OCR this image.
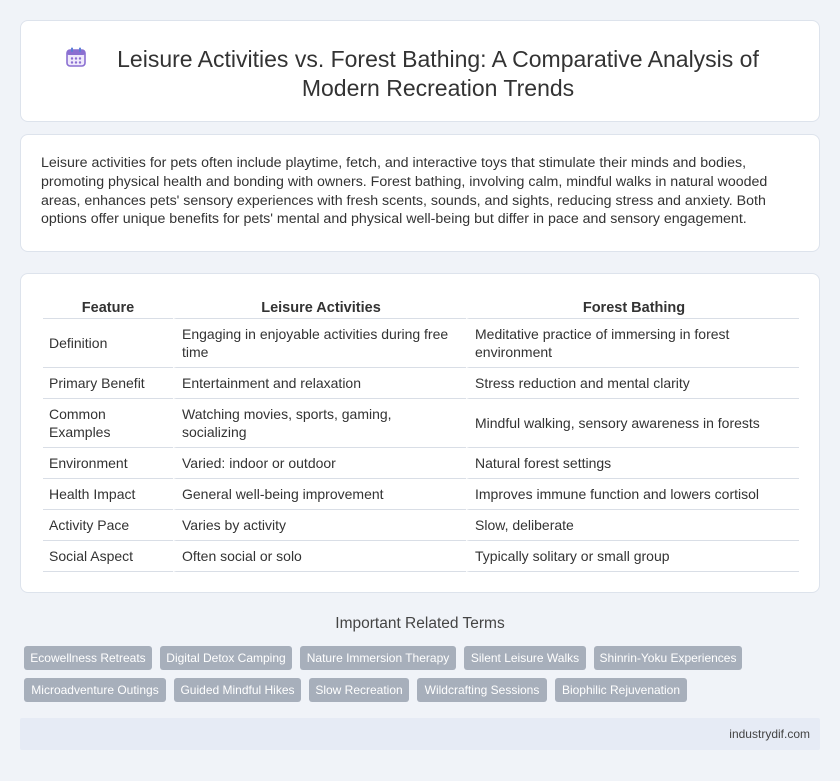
Leisure Activities vs. Forest Bathing: A Comparative Analysis of Modern Recreation Trends

Leisure activities for pets often include playtime, fetch, and interactive toys that stimulate their minds and bodies, promoting physical health and bonding with owners. Forest bathing, involving calm, mindful walks in natural wooded areas, enhances pets' sensory experiences with fresh scents, sounds, and sights, reducing stress and anxiety. Both options offer unique benefits for pets' mental and physical well-being but differ in pace and sensory engagement.

Feature	Leisure Activities	Forest Bathing
Definition	Engaging in enjoyable activities during free time	Meditative practice of immersing in forest environment
Primary Benefit	Entertainment and relaxation	Stress reduction and mental clarity
Common Examples	Watching movies, sports, gaming, socializing	Mindful walking, sensory awareness in forests
Environment	Varied: indoor or outdoor	Natural forest settings
Health Impact	General well-being improvement	Improves immune function and lowers cortisol
Activity Pace	Varies by activity	Slow, deliberate
Social Aspect	Often social or solo	Typically solitary or small group
Important Related Terms
Ecowellness Retreats	Digital Detox Camping	Nature Immersion Therapy	Silent Leisure Walks	Shinrin-Yoku Experiences
Microadventure Outings	Guided Mindful Hikes	Slow Recreation	Wildcrafting Sessions	Biophilic Rejuvenation
industrydif.com
